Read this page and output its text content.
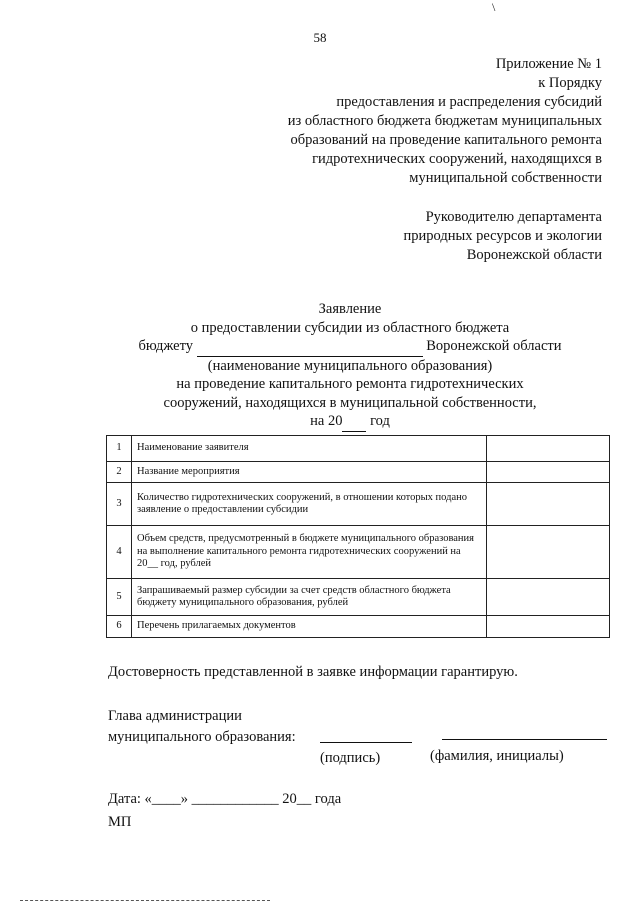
\
58
Приложение № 1
к Порядку
предоставления и распределения субсидий
из областного бюджета бюджетам муниципальных
образований на проведение капитального ремонта
гидротехнических сооружений, находящихся в
муниципальной собственности
Руководителю департамента
природных ресурсов и экологии
Воронежской области
Заявление
о предоставлении субсидии из областного бюджета
бюджету	Воронежской области
(наименование муниципального образования)
на проведение капитального ремонта гидротехнических
сооружений, находящихся в муниципальной собственности,
на 20 год
1	Наименование заявителя	
2	Название мероприятия	
3	Количество гидротехнических сооружений, в отношении которых подано заявление о предоставлении субсидии	
4	Объем средств, предусмотренный в бюджете муниципального образования на выполнение капитального ремонта гидротехнических сооружений на 20__ год, рублей	
5	Запрашиваемый размер субсидии за счет средств областного бюджета бюджету муниципального образования, рублей	
6	Перечень прилагаемых документов	
Достоверность представленной в заявке информации гарантирую.
Глава администрации
муниципального образования:
(подпись)	(фамилия, инициалы)
Дата: «____» ____________ 20__ года
МП
